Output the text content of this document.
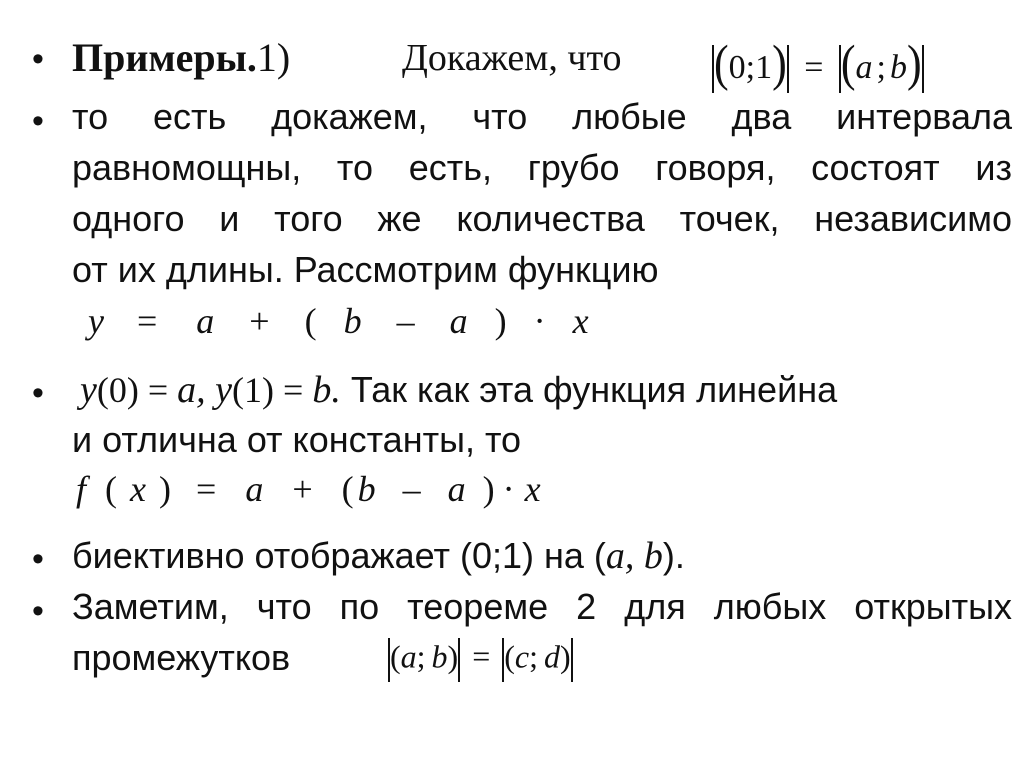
• Примеры.1)	Докажем, что (0;1) = (a ; b)
• то есть докажем, что любые два интервала
равномощны, то есть, грубо говоря, состоят из
одного и того же количества точек, независимо
от их длины. Рассмотрим функцию
y = a + ( b – a ) · x
• y(0) = a, y(1) = b. Так как эта функция линейна
и отлична от константы, то
f ( x ) = a + ( b – a ) · x
• биективно отображает (0;1) на (a, b).
• Заметим, что по теореме 2 для любых открытых
промежутков	(a; b) = (c; d)
